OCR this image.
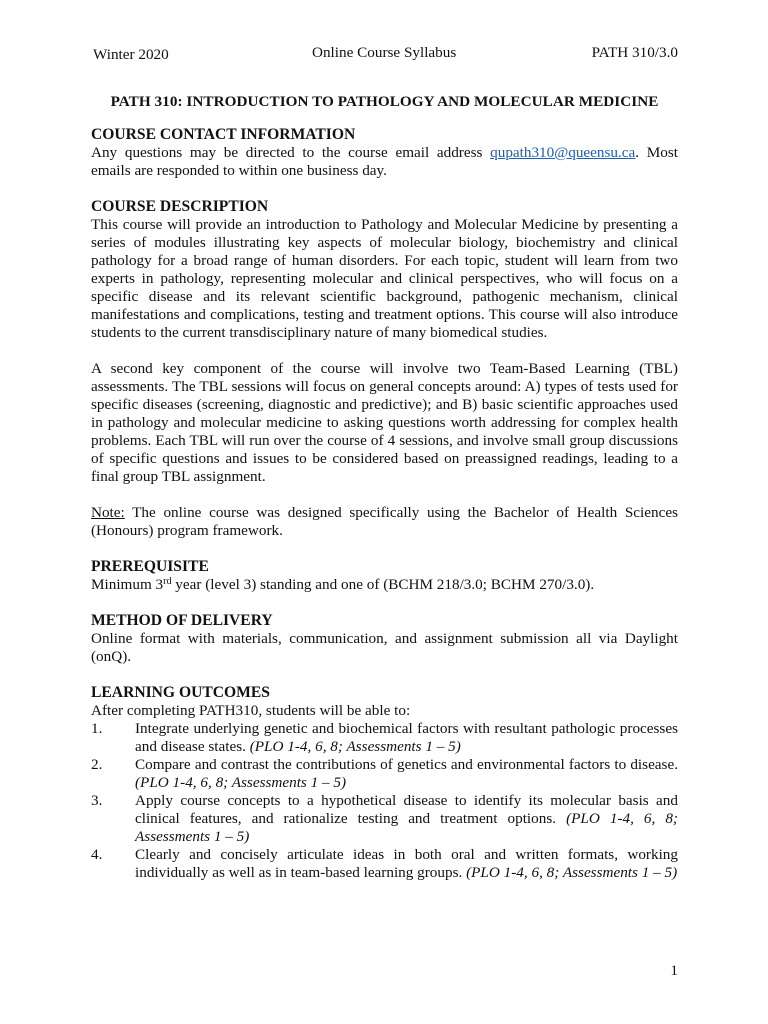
Winter 2020	Online Course Syllabus	PATH 310/3.0
PATH 310: INTRODUCTION TO PATHOLOGY AND MOLECULAR MEDICINE
COURSE CONTACT INFORMATION

Any questions may be directed to the course email address qupath310@queensu.ca. Most emails are responded to within one business day.

COURSE DESCRIPTION

This course will provide an introduction to Pathology and Molecular Medicine by presenting a series of modules illustrating key aspects of molecular biology, biochemistry and clinical pathology for a broad range of human disorders. For each topic, student will learn from two experts in pathology, representing molecular and clinical perspectives, who will focus on a specific disease and its relevant scientific background, pathogenic mechanism, clinical manifestations and complications, testing and treatment options. This course will also introduce students to the current transdisciplinary nature of many biomedical studies.

A second key component of the course will involve two Team-Based Learning (TBL) assessments. The TBL sessions will focus on general concepts around: A) types of tests used for specific diseases (screening, diagnostic and predictive); and B) basic scientific approaches used in pathology and molecular medicine to asking questions worth addressing for complex health problems. Each TBL will run over the course of 4 sessions, and involve small group discussions of specific questions and issues to be considered based on preassigned readings, leading to a final group TBL assignment.

Note: The online course was designed specifically using the Bachelor of Health Sciences (Honours) program framework.

PREREQUISITE

Minimum 3rd year (level 3) standing and one of (BCHM 218/3.0; BCHM 270/3.0).

METHOD OF DELIVERY

Online format with materials, communication, and assignment submission all via Daylight (onQ).

LEARNING OUTCOMES

After completing PATH310, students will be able to:

1. Integrate underlying genetic and biochemical factors with resultant pathologic processes and disease states. (PLO 1-4, 6, 8; Assessments 1 – 5)
2. Compare and contrast the contributions of genetics and environmental factors to disease. (PLO 1-4, 6, 8; Assessments 1 – 5)
3. Apply course concepts to a hypothetical disease to identify its molecular basis and clinical features, and rationalize testing and treatment options. (PLO 1-4, 6, 8; Assessments 1 – 5)
4. Clearly and concisely articulate ideas in both oral and written formats, working individually as well as in team-based learning groups. (PLO 1-4, 6, 8; Assessments 1 – 5)
1
